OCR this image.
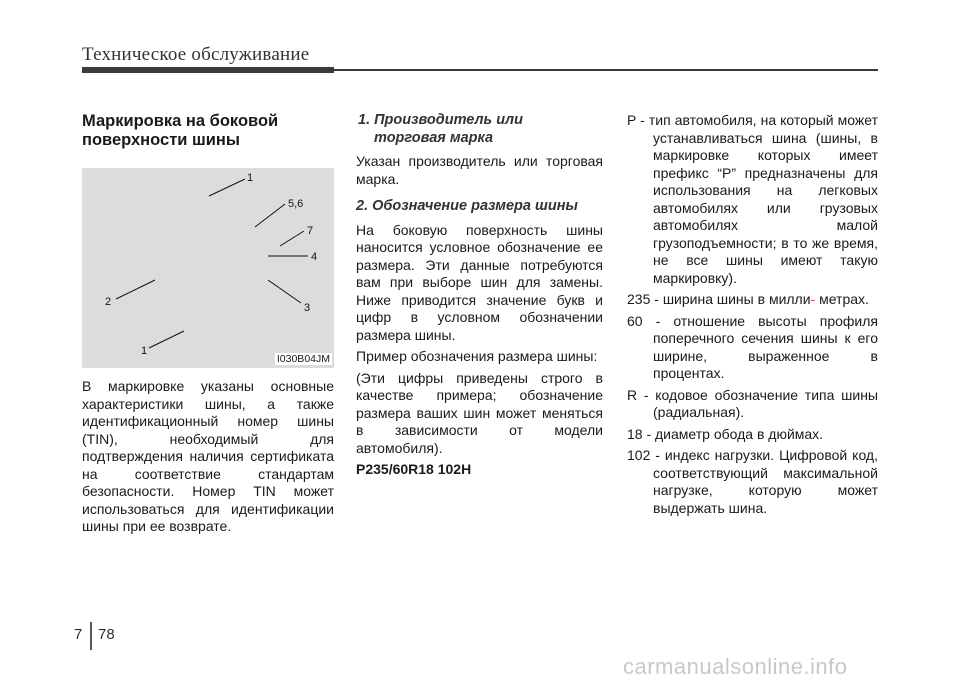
Техническое обслуживание
Маркировка на боковой
поверхности шины
1
5,6
7
4
3
2
1
I030B04JM
В маркировке указаны основные характеристики шины, а также идентификационный номер шины (TIN), необходимый для подтверждения наличия сертификата на соответствие стандартам безопасности. Номер TIN может использоваться для идентификации шины при ее возврате.
1. Производитель или
торговая марка
Указан производитель или торговая марка.
2. Обозначение размера шины
На боковую поверхность шины наносится условное обозначение ее размера. Эти данные потребуются вам при выборе шин для замены. Ниже приводится значение букв и цифр в условном обозначении размера шины.
Пример обозначения размера шины:
(Эти цифры приведены строго в качестве примера; обозначение размера ваших шин может меняться в зависимости от модели автомобиля).
P235/60R18 102H
P - тип автомобиля, на который может устанавливаться шина (шины, в маркировке которых имеет префикс “P” предназначены для использования на легковых автомобилях или грузовых автомобилях малой грузоподъемности; в то же время, не все шины имеют такую маркировку).
235 - ширина шины в милли- метрах.
60 - отношение высоты профиля поперечного сечения шины к его ширине, выраженное в процентах.
R - кодовое обозначение типа шины (радиальная).
18 - диаметр обода в дюймах.
102 - индекс нагрузки. Цифровой код, соответствующий максимальной нагрузке, которую может выдержать шина.
7 78
carmanualsonline.info
